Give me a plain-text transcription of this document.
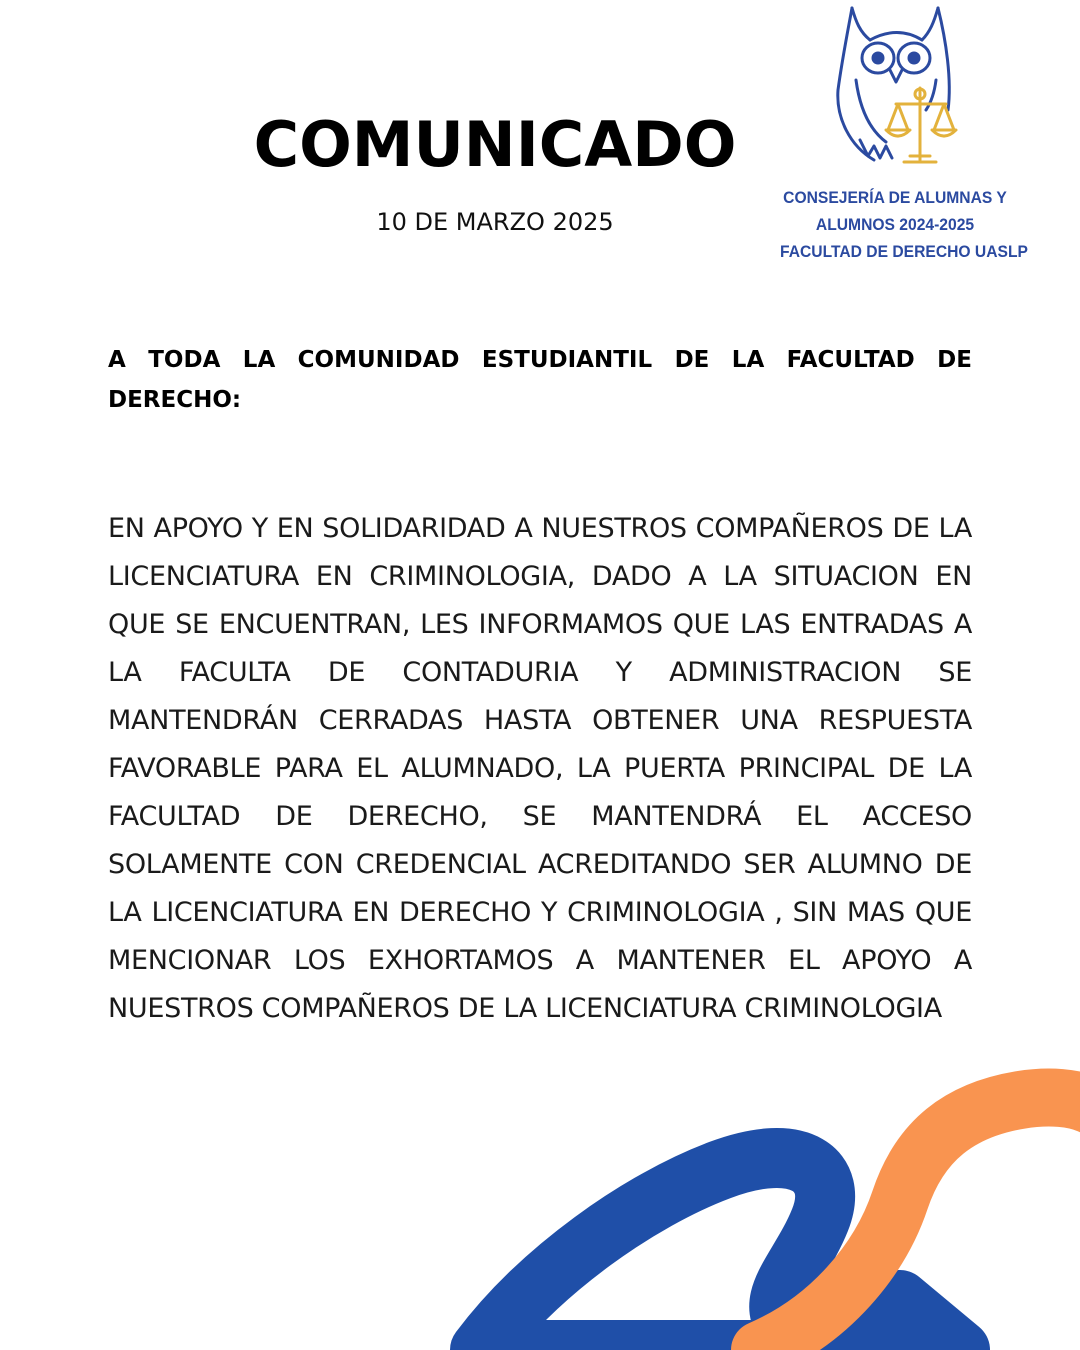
COMUNICADO
10 DE MARZO 2025
CONSEJERÍA DE ALUMNAS Y
ALUMNOS 2024-2025
FACULTAD DE DERECHO UASLP

A TODA LA COMUNIDAD ESTUDIANTIL DE LA FACULTAD DE DERECHO:

EN APOYO Y EN SOLIDARIDAD A NUESTROS COMPAÑEROS DE LA LICENCIATURA EN CRIMINOLOGIA, DADO A LA SITUACION EN QUE SE ENCUENTRAN, LES INFORMAMOS QUE LAS ENTRADAS A LA FACULTA DE CONTADURIA Y ADMINISTRACION SE MANTENDRÁN CERRADAS HASTA OBTENER UNA RESPUESTA FAVORABLE PARA EL ALUMNADO, LA PUERTA PRINCIPAL DE LA FACULTAD DE DERECHO, SE MANTENDRÁ EL ACCESO SOLAMENTE CON CREDENCIAL ACREDITANDO SER ALUMNO DE LA LICENCIATURA EN DERECHO Y CRIMINOLOGIA , SIN MAS QUE MENCIONAR LOS EXHORTAMOS A MANTENER EL APOYO A NUESTROS COMPAÑEROS DE LA LICENCIATURA CRIMINOLOGIA
